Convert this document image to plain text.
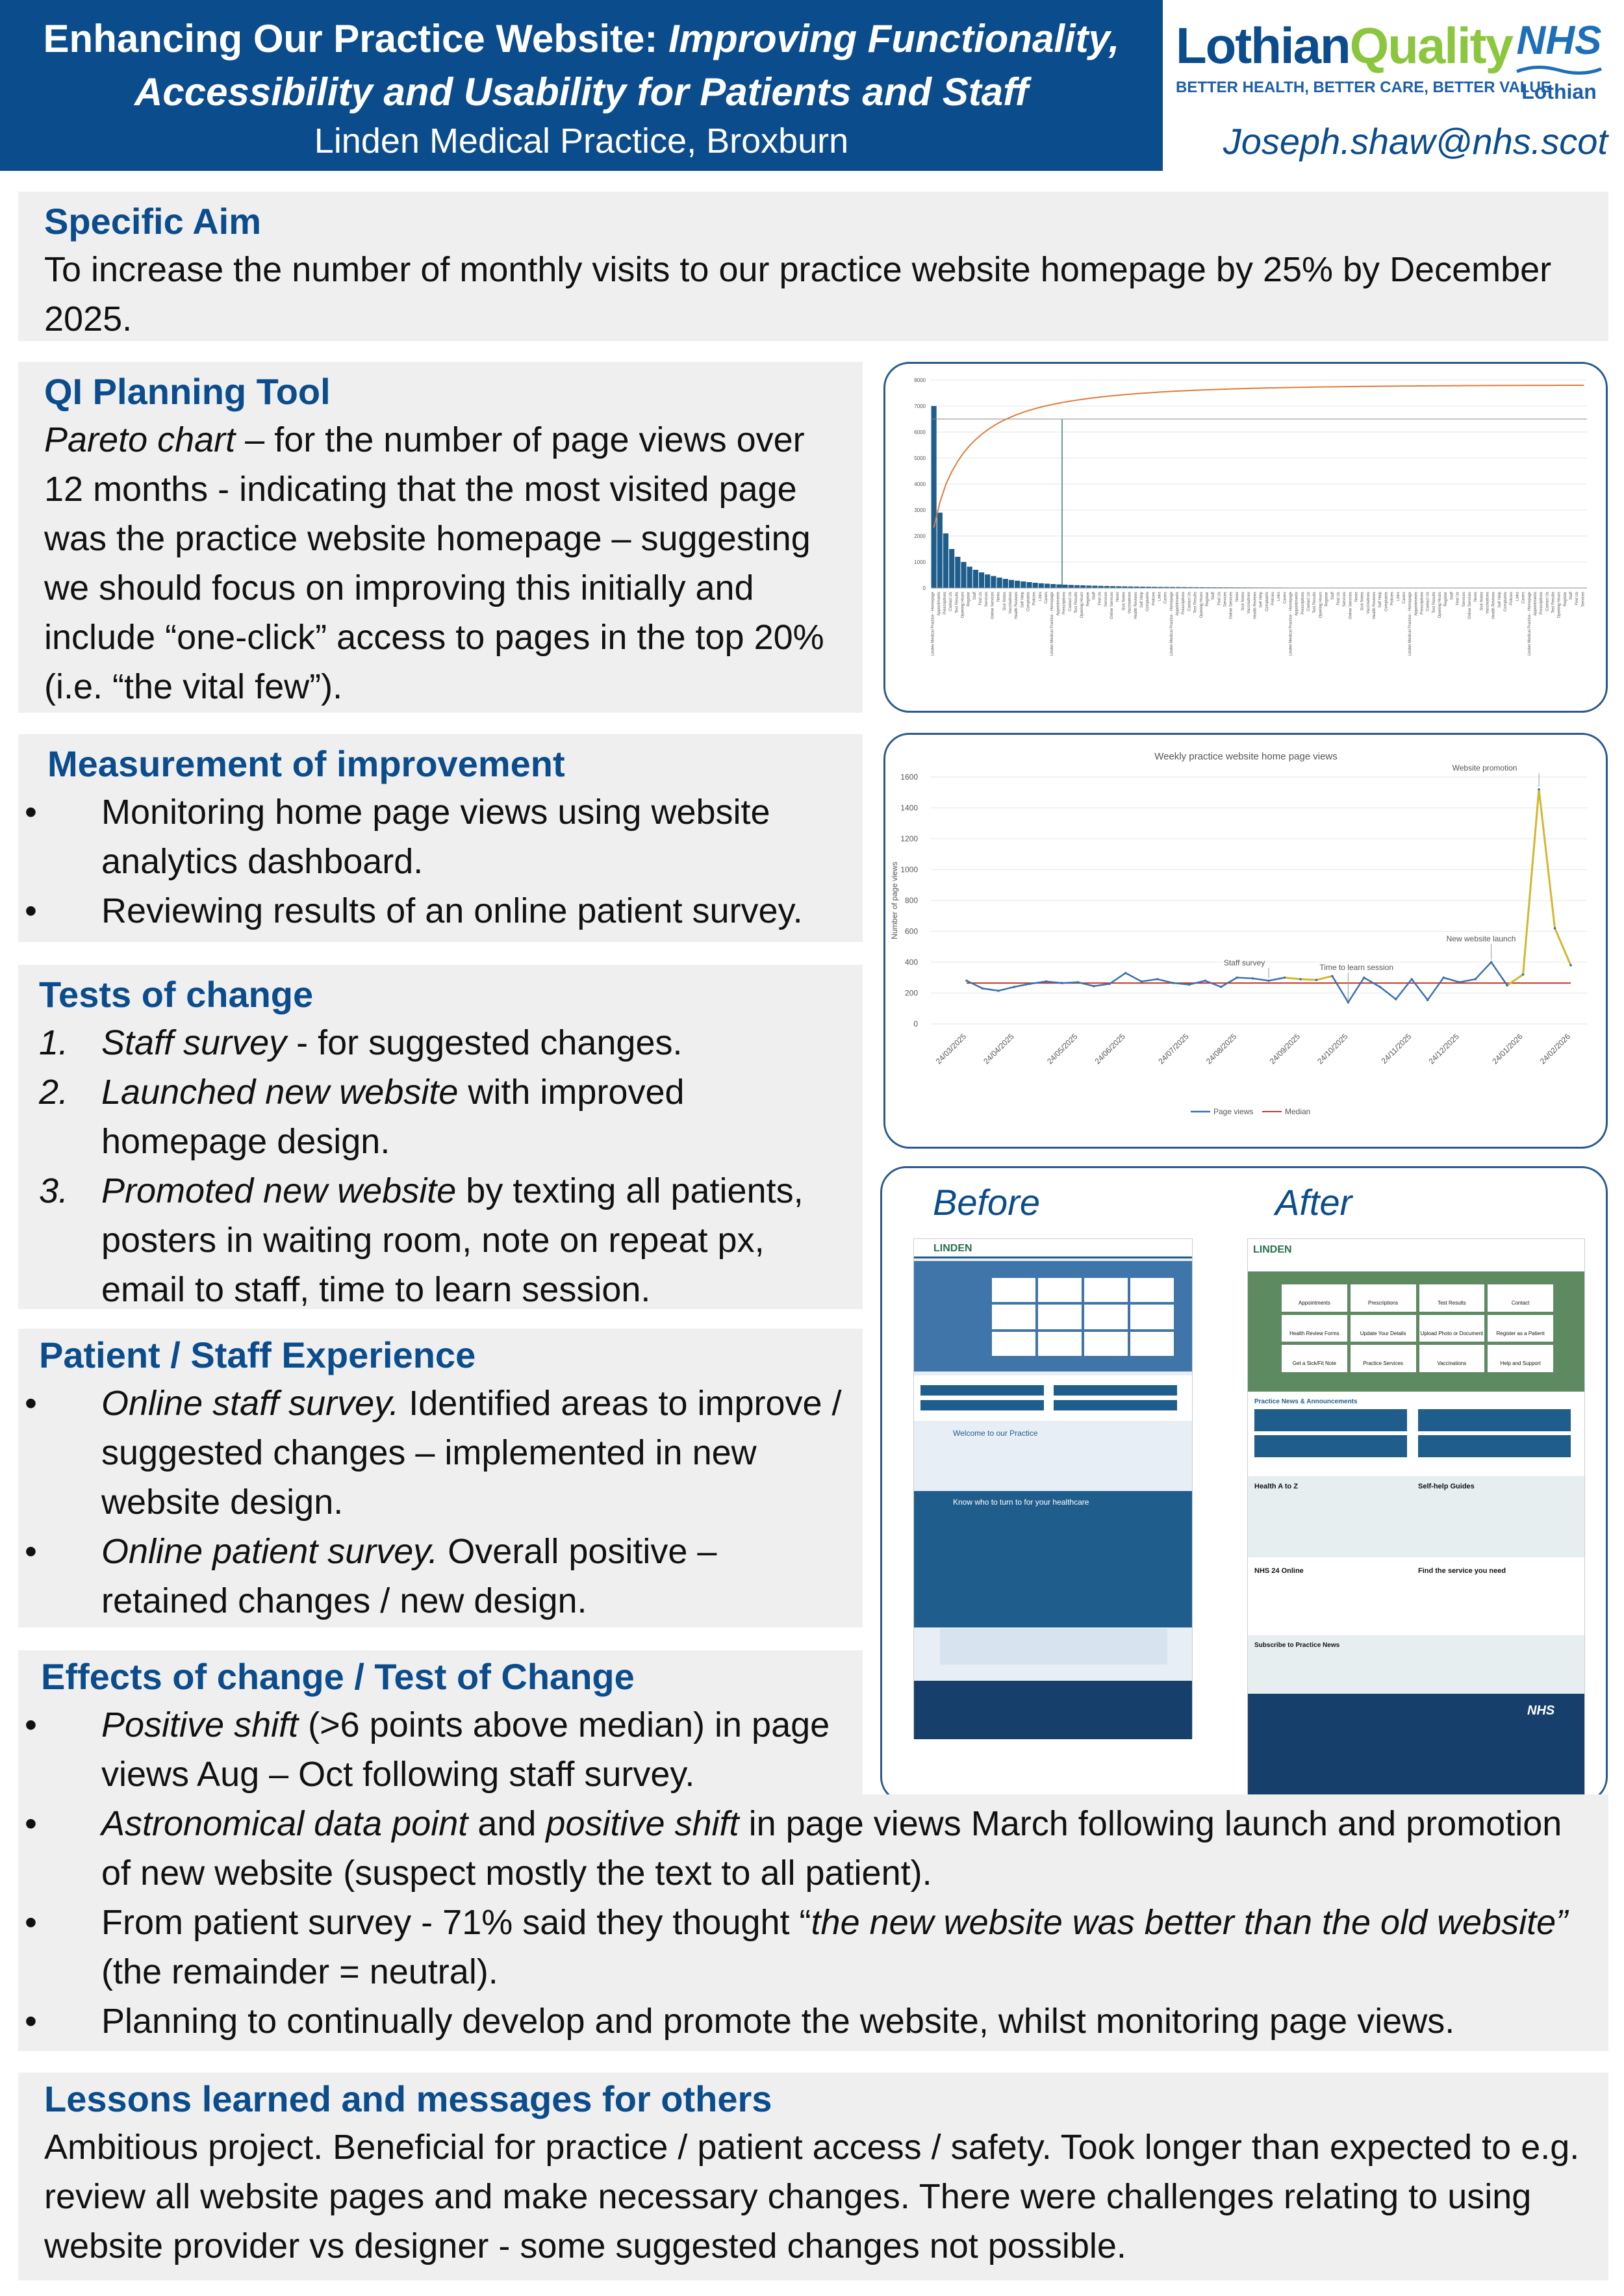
Enhancing Our Practice Website: Improving Functionality,
Accessibility and Usability for Patients and Staff
Linden Medical Practice, Broxburn
LothianQuality
BETTER HEALTH, BETTER CARE, BETTER VALUE
NHS
Lothian
Joseph.shaw@nhs.scot
Specific Aim
To increase the number of monthly visits to our practice website homepage by 25% by December 2025.
QI Planning Tool
Pareto chart – for the number of page views over 12 months - indicating that the most visited page was the practice website homepage – suggesting we should focus on improving this initially and include “one-click” access to pages in the top 20% (i.e. “the vital few”).
0
1000
2000
3000
4000
5000
6000
7000
8000
Linden Medical Practice - Homepage Appointments Prescriptions Contact Us Test Results Opening Hours Register Staff Find Us Services Online Services News Sick Notes Vaccinations Health Reviews Self Help Complaints Policies Links Carers Linden Medical Practice - Homepage Appointments Prescriptions Contact Us Test Results Opening Hours Register Staff Find Us Services Online Services News Sick Notes Vaccinations Health Reviews Self Help Complaints Policies Links Carers Linden Medical Practice - Homepage Appointments Prescriptions Contact Us Test Results Opening Hours Register Staff Find Us Services Online Services News Sick Notes Vaccinations Health Reviews Self Help Complaints Policies Links Carers Linden Medical Practice - Homepage Appointments Prescriptions Contact Us Test Results Opening Hours Register Staff Find Us Services Online Services News Sick Notes Vaccinations Health Reviews Self Help Complaints Policies Links Carers Linden Medical Practice - Homepage Appointments Prescriptions Contact Us Test Results Opening Hours Register Staff Find Us Services Online Services News Sick Notes Vaccinations Health Reviews Self Help Complaints Policies Links Carers Linden Medical Practice - Homepage Appointments Prescriptions Contact Us Test Results Opening Hours Register Staff Find Us Services
Measurement of improvement
•	Monitoring home page views using website analytics dashboard.
•	Reviewing results of an online patient survey.
Weekly practice website home page views
0
200
400
600
800
1000
1200
1400
1600
Number of page views
Staff survey	Time to learn session
New website launch
Website promotion
24/03/2025 24/04/2025	24/05/2025 24/06/2025	24/07/2025 24/08/2025	24/09/2025 24/10/2025	24/11/2025 24/12/2025	24/01/2026 24/02/2026
Page views	Median
Tests of change
1. Staff survey - for suggested changes.
2. Launched new website with improved homepage design.
3. Promoted new website by texting all patients, posters in waiting room, note on repeat px, email to staff, time to learn session.
Before	After
LINDEN
Welcome to our Practice
Know who to turn to for your healthcare
LINDEN
Appointments	Prescriptions	Test Results	Contact
Health Review Forms	Update Your Details	Upload Photo or Document	Register as a Patient
Get a Sick/Fit Note	Practice Services	Vaccinations	Help and Support
Practice News & Announcements
Health A to Z	Self-help Guides
NHS 24 Online	Find the service you need
Subscribe to Practice News
NHS
Patient / Staff Experience
•	Online staff survey. Identified areas to improve / suggested changes – implemented in new website design.
•	Online patient survey. Overall positive – retained changes / new design.
Effects of change / Test of Change
•	Positive shift (>6 points above median) in page views Aug – Oct following staff survey.
•	Astronomical data point and positive shift in page views March following launch and promotion of new website (suspect mostly the text to all patient).
•	From patient survey - 71% said they thought “the new website was better than the old website” (the remainder = neutral).
•	Planning to continually develop and promote the website, whilst monitoring page views.
Lessons learned and messages for others
Ambitious project. Beneficial for practice / patient access / safety. Took longer than expected to e.g. review all website pages and make necessary changes. There were challenges relating to using website provider vs designer - some suggested changes not possible.
